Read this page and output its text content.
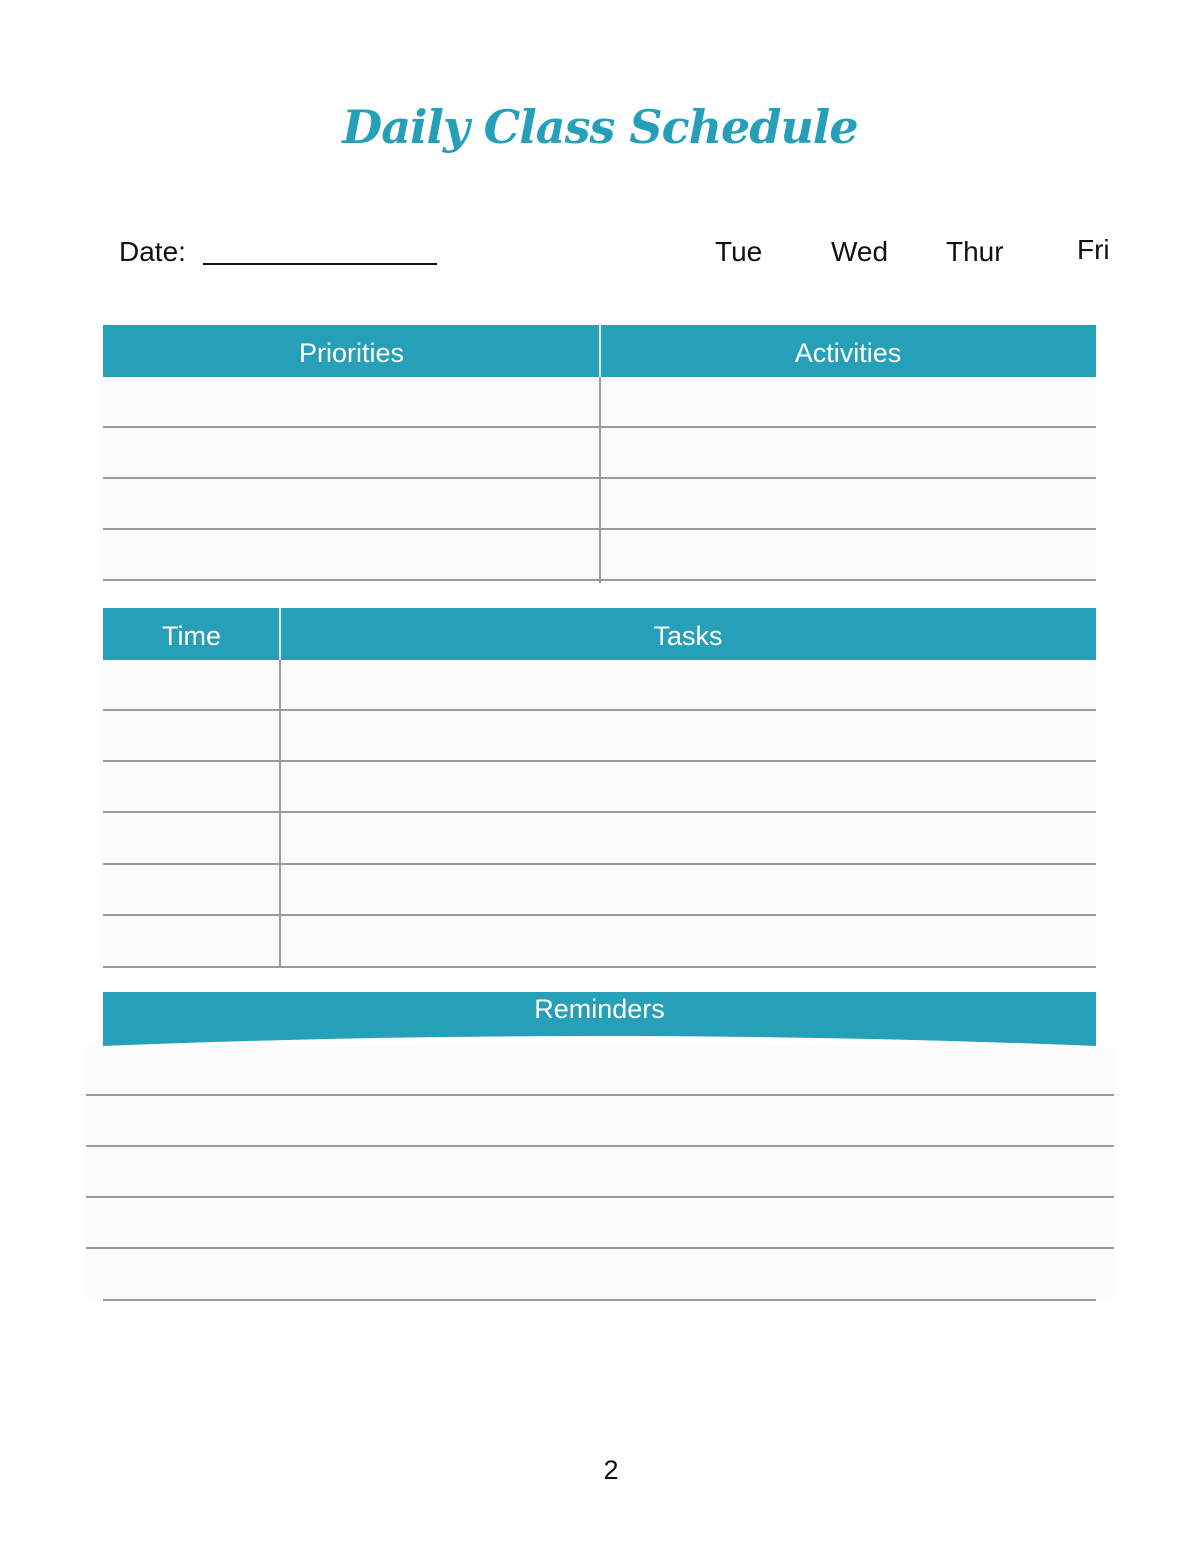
Daily Class Schedule
Date:	Tue Wed Thur	Fri
Priorities	Activities
Time	Tasks
Reminders
2
